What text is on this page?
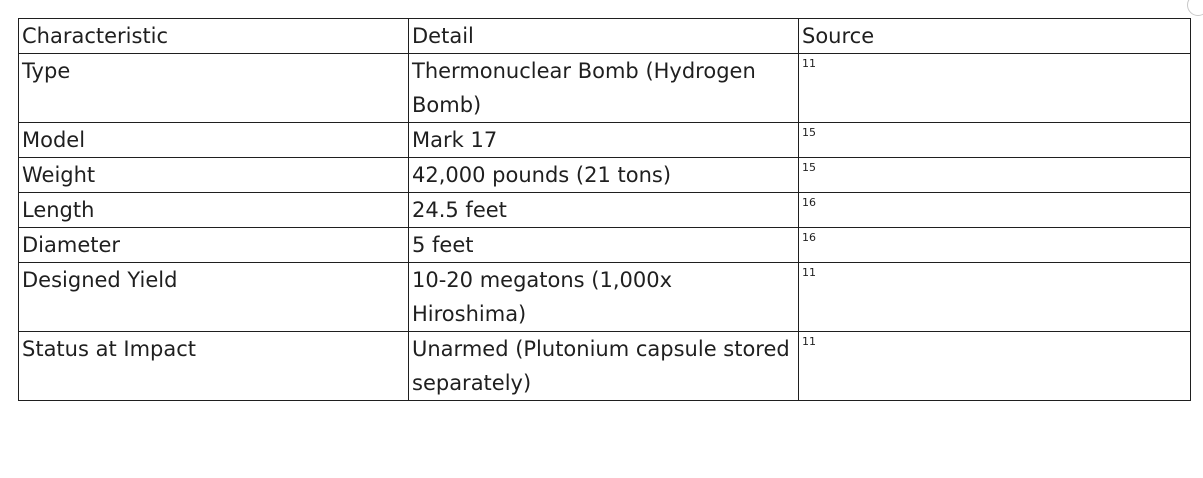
Characteristic	Detail	Source
Type	Thermonuclear Bomb (Hydrogen Bomb)	11
Model	Mark 17	15
Weight	42,000 pounds (21 tons)	15
Length	24.5 feet	16
Diameter	5 feet	16
Designed Yield	10-20 megatons (1,000x Hiroshima)	11
Status at Impact	Unarmed (Plutonium capsule stored separately)	11
